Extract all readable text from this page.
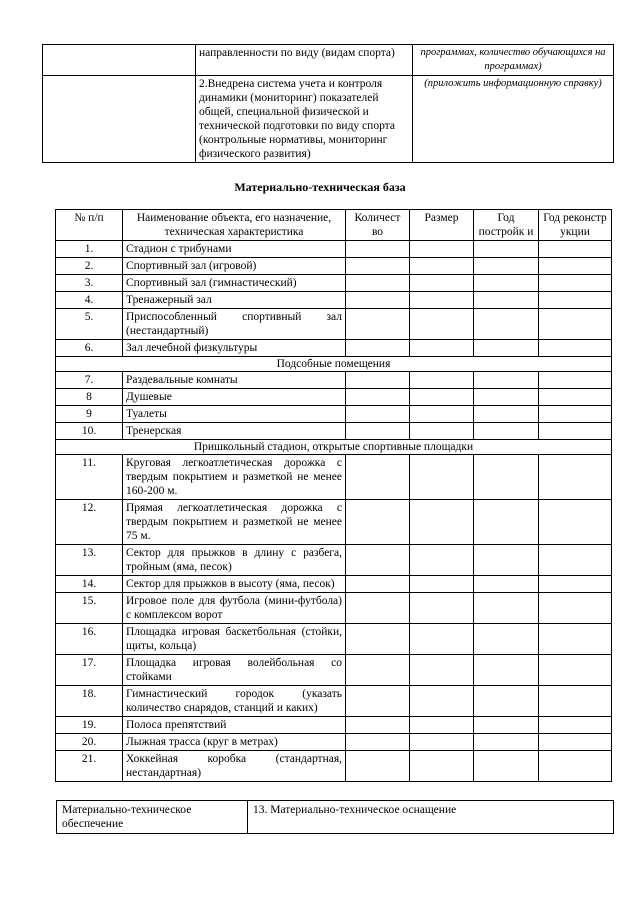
	направленности по виду (видам спорта)	программах, количество обучающихся на программах)
	2.Внедрена система учета и контроля динамики (мониторинг) показателей общей, специальной физической и технической подготовки по виду спорта (контрольные нормативы, мониторинг физического развития)	(приложить информационную справку)
Материально-техническая база
№ п/п	Наименование объекта, его назначение, техническая характеристика	Количест во	Размер	Год постройк и	Год реконстр укции
1.	Стадион с трибунами				
2.	Спортивный зал (игровой)				
3.	Спортивный зал (гимнастический)				
4.	Тренажерный зал				
5.	Приспособленный спортивный зал (нестандартный)				
6.	Зал лечебной физкультуры				
Подсобные помещения					
7.	Раздевальные комнаты				
8	Душевые				
9	Туалеты				
10.	Тренерская				
Пришкольный стадион, открытые спортивные площадки					
11.	Круговая легкоатлетическая дорожка с твердым покрытием и разметкой не менее 160-200 м.				
12.	Прямая легкоатлетическая дорожка с твердым покрытием и разметкой не менее 75 м.				
13.	Сектор для прыжков в длину с разбега, тройным (яма, песок)				
14.	Сектор для прыжков в высоту (яма, песок)				
15.	Игровое поле для футбола (мини-футбола) с комплексом ворот				
16.	Площадка игровая баскетбольная (стойки, щиты, кольца)				
17.	Площадка игровая волейбольная со стойками				
18.	Гимнастический городок (указать количество снарядов, станций и каких)				
19.	Полоса препятствий				
20.	Лыжная трасса (круг в метрах)				
21.	Хоккейная коробка (стандартная, нестандартная)				
Материально-техническое обеспечение	13. Материально-техническое оснащение
